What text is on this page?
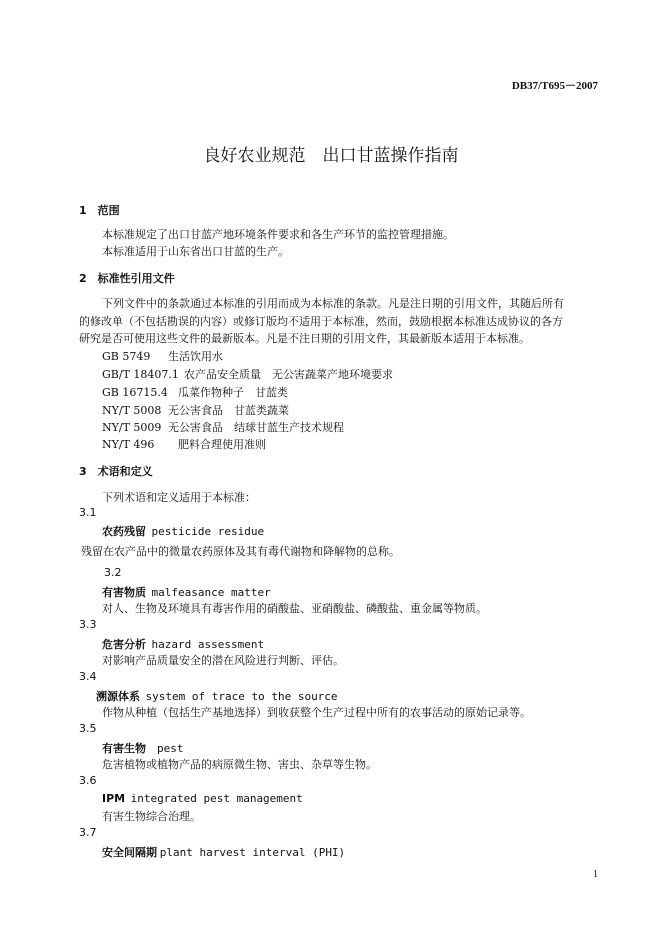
DB37/T695－2007
良好农业规范　出口甘蓝操作指南
1　范围
本标准规定了出口甘蓝产地环境条件要求和各生产环节的监控管理措施。
本标准适用于山东省出口甘蓝的生产。
2　标准性引用文件
下列文件中的条款通过本标准的引用而成为本标准的条款。凡是注日期的引用文件，其随后所有
的修改单（不包括勘误的内容）或修订版均不适用于本标准，然而，鼓励根据本标准达成协议的各方
研究是否可使用这些文件的最新版本。凡是不注日期的引用文件，其最新版本适用于本标准。
GB 5749 生活饮用水
GB/T 18407.1 农产品安全质量　无公害蔬菜产地环境要求
GB 16715.4 瓜菜作物种子　甘蓝类
NY/T 5008 无公害食品　甘蓝类蔬菜
NY/T 5009 无公害食品　结球甘蓝生产技术规程
NY/T 496 肥料合理使用准则
3　术语和定义
下列术语和定义适用于本标准：
3.1
农药残留 pesticide residue
残留在农产品中的微量农药原体及其有毒代谢物和降解物的总称。
3.2
有害物质 malfeasance matter
对人、生物及环境具有毒害作用的硝酸盐、亚硝酸盐、磷酸盐、重金属等物质。
3.3
危害分析 hazard assessment
对影响产品质量安全的潜在风险进行判断、评估。
3.4
溯源体系 system of trace to the source
作物从种植（包括生产基地选择）到收获整个生产过程中所有的农事活动的原始记录等。
3.5
有害生物 pest
危害植物或植物产品的病原微生物、害虫、杂草等生物。
3.6
IPM integrated pest management
有害生物综合治理。
3.7
安全间隔期 plant harvest interval (PHI)
1
